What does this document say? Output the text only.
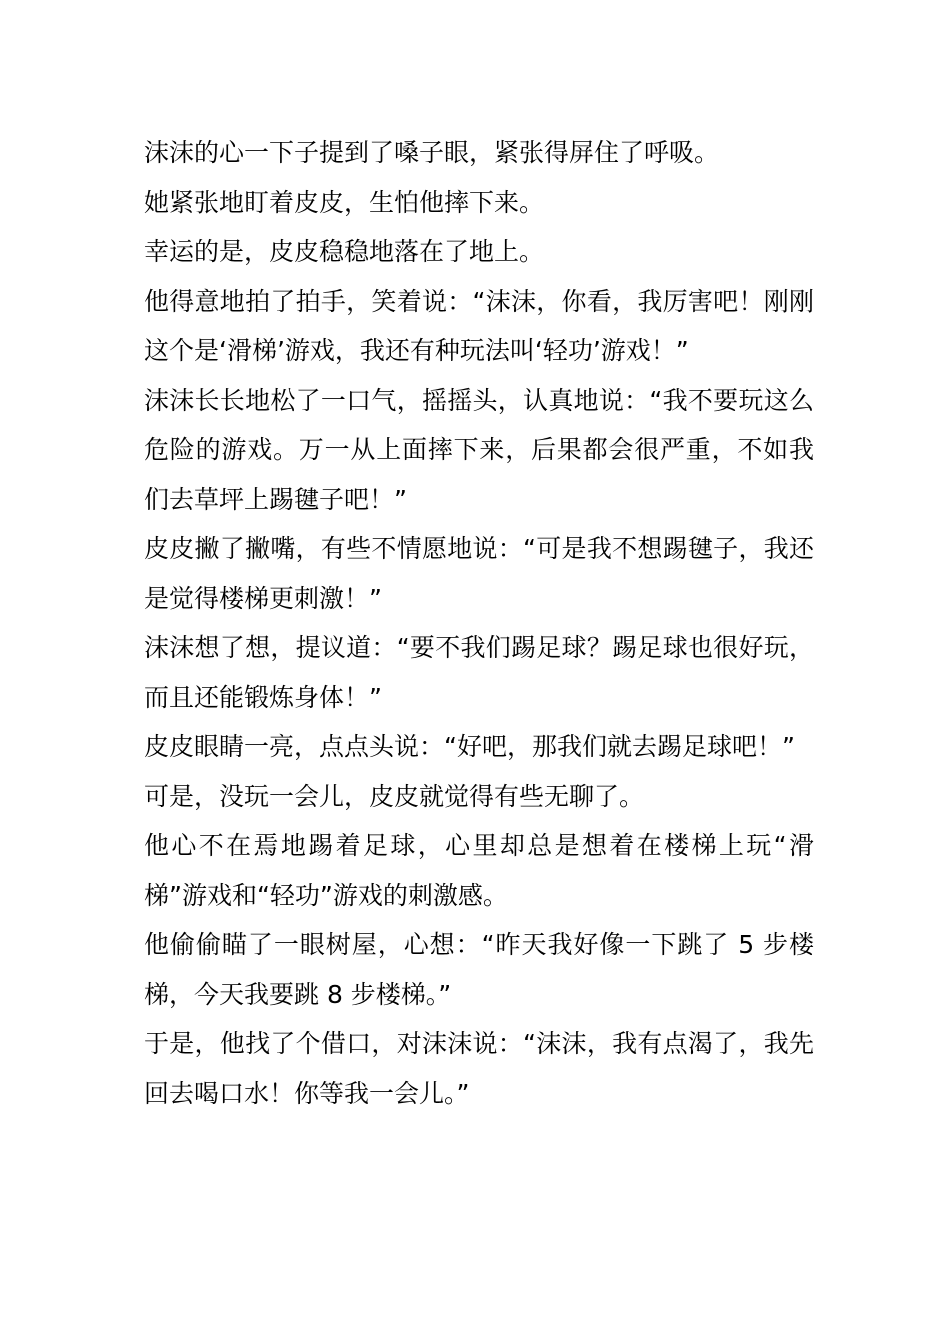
沫沫的心一下子提到了嗓子眼，紧张得屏住了呼吸。

她紧张地盯着皮皮，生怕他摔下来。

幸运的是，皮皮稳稳地落在了地上。

他得意地拍了拍手，笑着说：“沫沫，你看，我厉害吧！刚刚这个是‘滑梯’游戏，我还有种玩法叫‘轻功’游戏！”

沫沫长长地松了一口气，摇摇头，认真地说：“我不要玩这么危险的游戏。万一从上面摔下来，后果都会很严重，不如我们去草坪上踢毽子吧！”

皮皮撇了撇嘴，有些不情愿地说：“可是我不想踢毽子，我还是觉得楼梯更刺激！”

沫沫想了想，提议道：“要不我们踢足球？踢足球也很好玩，而且还能锻炼身体！”

皮皮眼睛一亮，点点头说：“好吧，那我们就去踢足球吧！”

可是，没玩一会儿，皮皮就觉得有些无聊了。

他心不在焉地踢着足球，心里却总是想着在楼梯上玩“滑梯”游戏和“轻功”游戏的刺激感。

他偷偷瞄了一眼树屋，心想：“昨天我好像一下跳了 5 步楼梯，今天我要跳 8 步楼梯。”

于是，他找了个借口，对沫沫说：“沫沫，我有点渴了，我先回去喝口水！你等我一会儿。”
